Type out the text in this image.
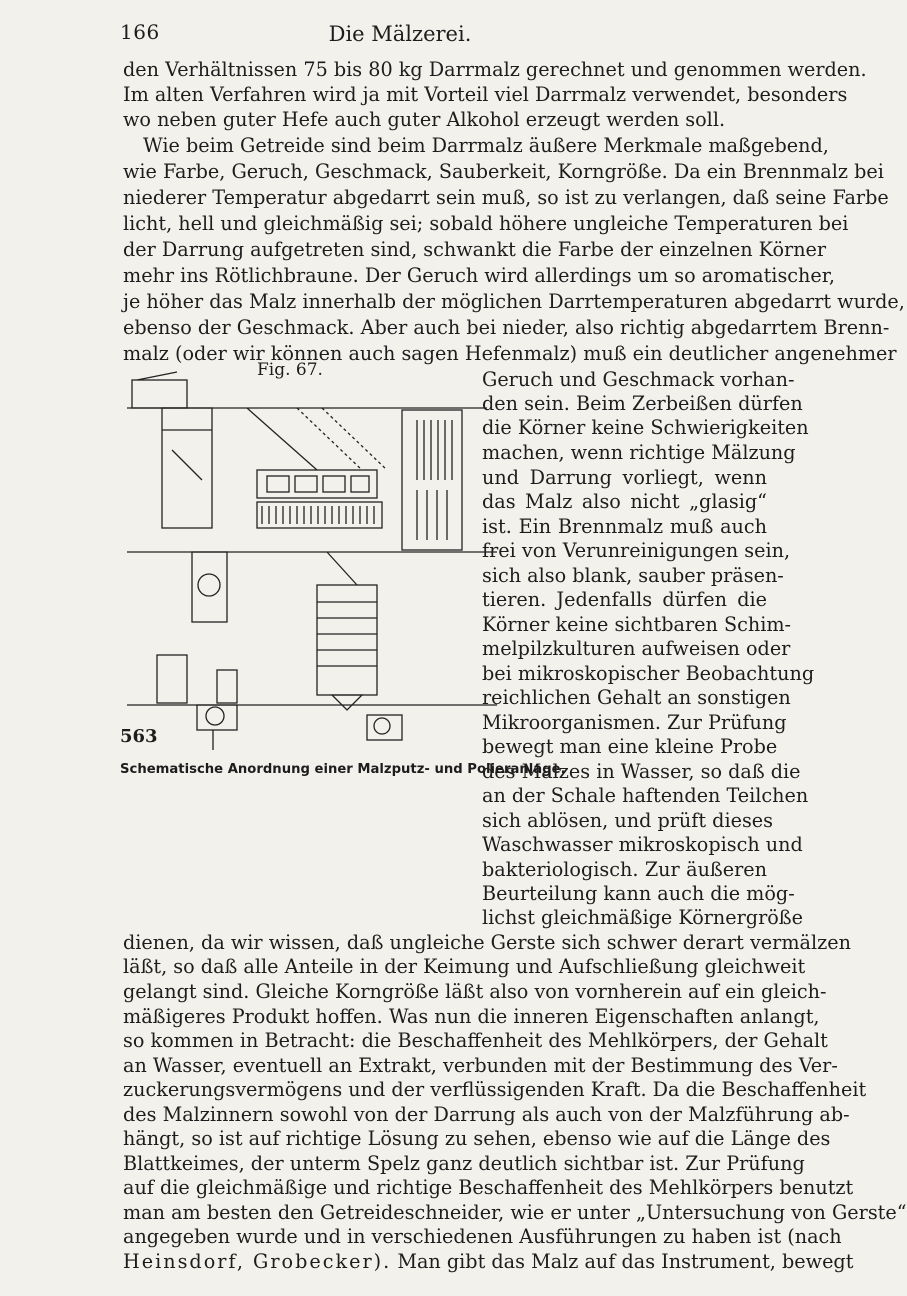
166	Die Mälzerei.
den Verhältnissen 75 bis 80 kg Darrmalz gerechnet und genommen werden.
Im alten Verfahren wird ja mit Vorteil viel Darrmalz verwendet, besonders
wo neben guter Hefe auch guter Alkohol erzeugt werden soll.
Wie beim Getreide sind beim Darrmalz äußere Merkmale maßgebend,
wie Farbe, Geruch, Geschmack, Sauberkeit, Korngröße. Da ein Brennmalz bei
niederer Temperatur abgedarrt sein muß, so ist zu verlangen, daß seine Farbe
licht, hell und gleichmäßig sei; sobald höhere ungleiche Temperaturen bei
der Darrung aufgetreten sind, schwankt die Farbe der einzelnen Körner
mehr ins Rötlichbraune. Der Geruch wird allerdings um so aromatischer,
je höher das Malz innerhalb der möglichen Darrtemperaturen abgedarrt wurde,
ebenso der Geschmack. Aber auch bei nieder, also richtig abgedarrtem Brenn-
malz (oder wir können auch sagen Hefenmalz) muß ein deutlicher angenehmer
Geruch und Geschmack vorhan-
den sein. Beim Zerbeißen dürfen
die Körner keine Schwierigkeiten
machen, wenn richtige Mälzung
und Darrung vorliegt, wenn
das Malz also nicht „glasig“
ist. Ein Brennmalz muß auch
frei von Verunreinigungen sein,
sich also blank, sauber präsen-
tieren. Jedenfalls dürfen die
Körner keine sichtbaren Schim-
melpilzkulturen aufweisen oder
bei mikroskopischer Beobachtung
reichlichen Gehalt an sonstigen
Mikroorganismen. Zur Prüfung
bewegt man eine kleine Probe
des Malzes in Wasser, so daß die
an der Schale haftenden Teilchen
sich ablösen, und prüft dieses
Waschwasser mikroskopisch und
bakteriologisch. Zur äußeren
Beurteilung kann auch die mög-
lichst gleichmäßige Körnergröße
dienen, da wir wissen, daß ungleiche Gerste sich schwer derart vermälzen
läßt, so daß alle Anteile in der Keimung und Aufschließung gleichweit
gelangt sind. Gleiche Korngröße läßt also von vornherein auf ein gleich-
mäßigeres Produkt hoffen. Was nun die inneren Eigenschaften anlangt,
so kommen in Betracht: die Beschaffenheit des Mehlkörpers, der Gehalt
an Wasser, eventuell an Extrakt, verbunden mit der Bestimmung des Ver-
zuckerungsvermögens und der verflüssigenden Kraft. Da die Beschaffenheit
des Malzinnern sowohl von der Darrung als auch von der Malzführung ab-
hängt, so ist auf richtige Lösung zu sehen, ebenso wie auf die Länge des
Blattkeimes, der unterm Spelz ganz deutlich sichtbar ist. Zur Prüfung
auf die gleichmäßige und richtige Beschaffenheit des Mehlkörpers benutzt
man am besten den Getreideschneider, wie er unter „Untersuchung von Gerste“
angegeben wurde und in verschiedenen Ausführungen zu haben ist (nach
Heinsdorf, Grobecker). Man gibt das Malz auf das Instrument, bewegt
Fig. 67.
563
Schematische Anordnung einer Malzputz- und Polieranlage.
